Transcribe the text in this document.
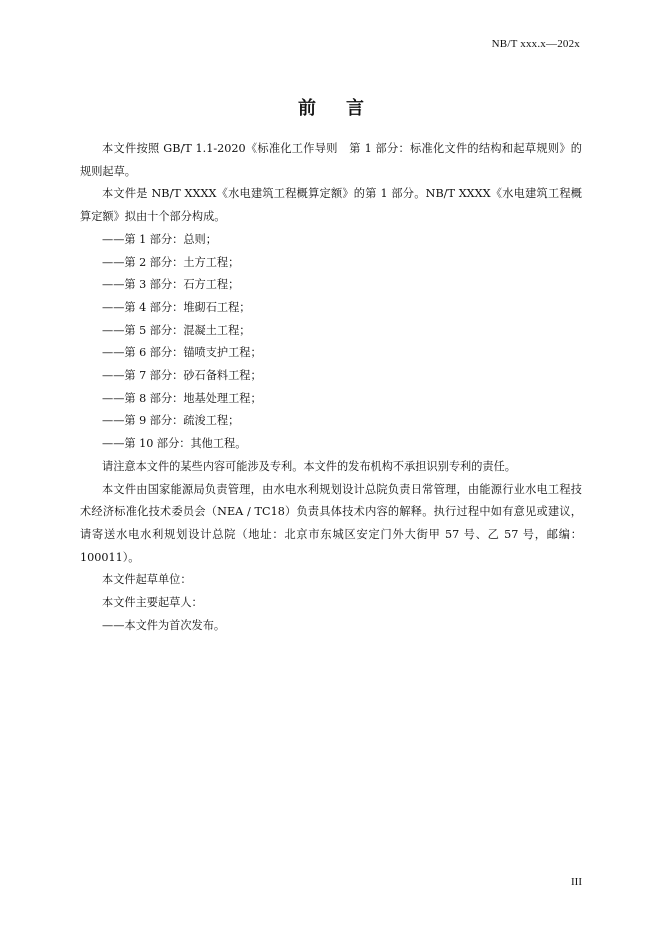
NB/T xxx.x—202x
前 言

本文件按照 GB/T 1.1-2020《标准化工作导则　第 1 部分：标准化文件的结构和起草规则》的规则起草。

本文件是 NB/T XXXX《水电建筑工程概算定额》的第 1 部分。NB/T XXXX《水电建筑工程概算定额》拟由十个部分构成。

——第 1 部分：总则；

——第 2 部分：土方工程；

——第 3 部分：石方工程；

——第 4 部分：堆砌石工程；

——第 5 部分：混凝土工程；

——第 6 部分：锚喷支护工程；

——第 7 部分：砂石备料工程；

——第 8 部分：地基处理工程；

——第 9 部分：疏浚工程；

——第 10 部分：其他工程。

请注意本文件的某些内容可能涉及专利。本文件的发布机构不承担识别专利的责任。

本文件由国家能源局负责管理，由水电水利规划设计总院负责日常管理，由能源行业水电工程技术经济标准化技术委员会（NEA / TC18）负责具体技术内容的解释。执行过程中如有意见或建议，请寄送水电水利规划设计总院（地址：北京市东城区安定门外大街甲 57 号、乙 57 号，邮编：100011）。

本文件起草单位：

本文件主要起草人：

——本文件为首次发布。

III
